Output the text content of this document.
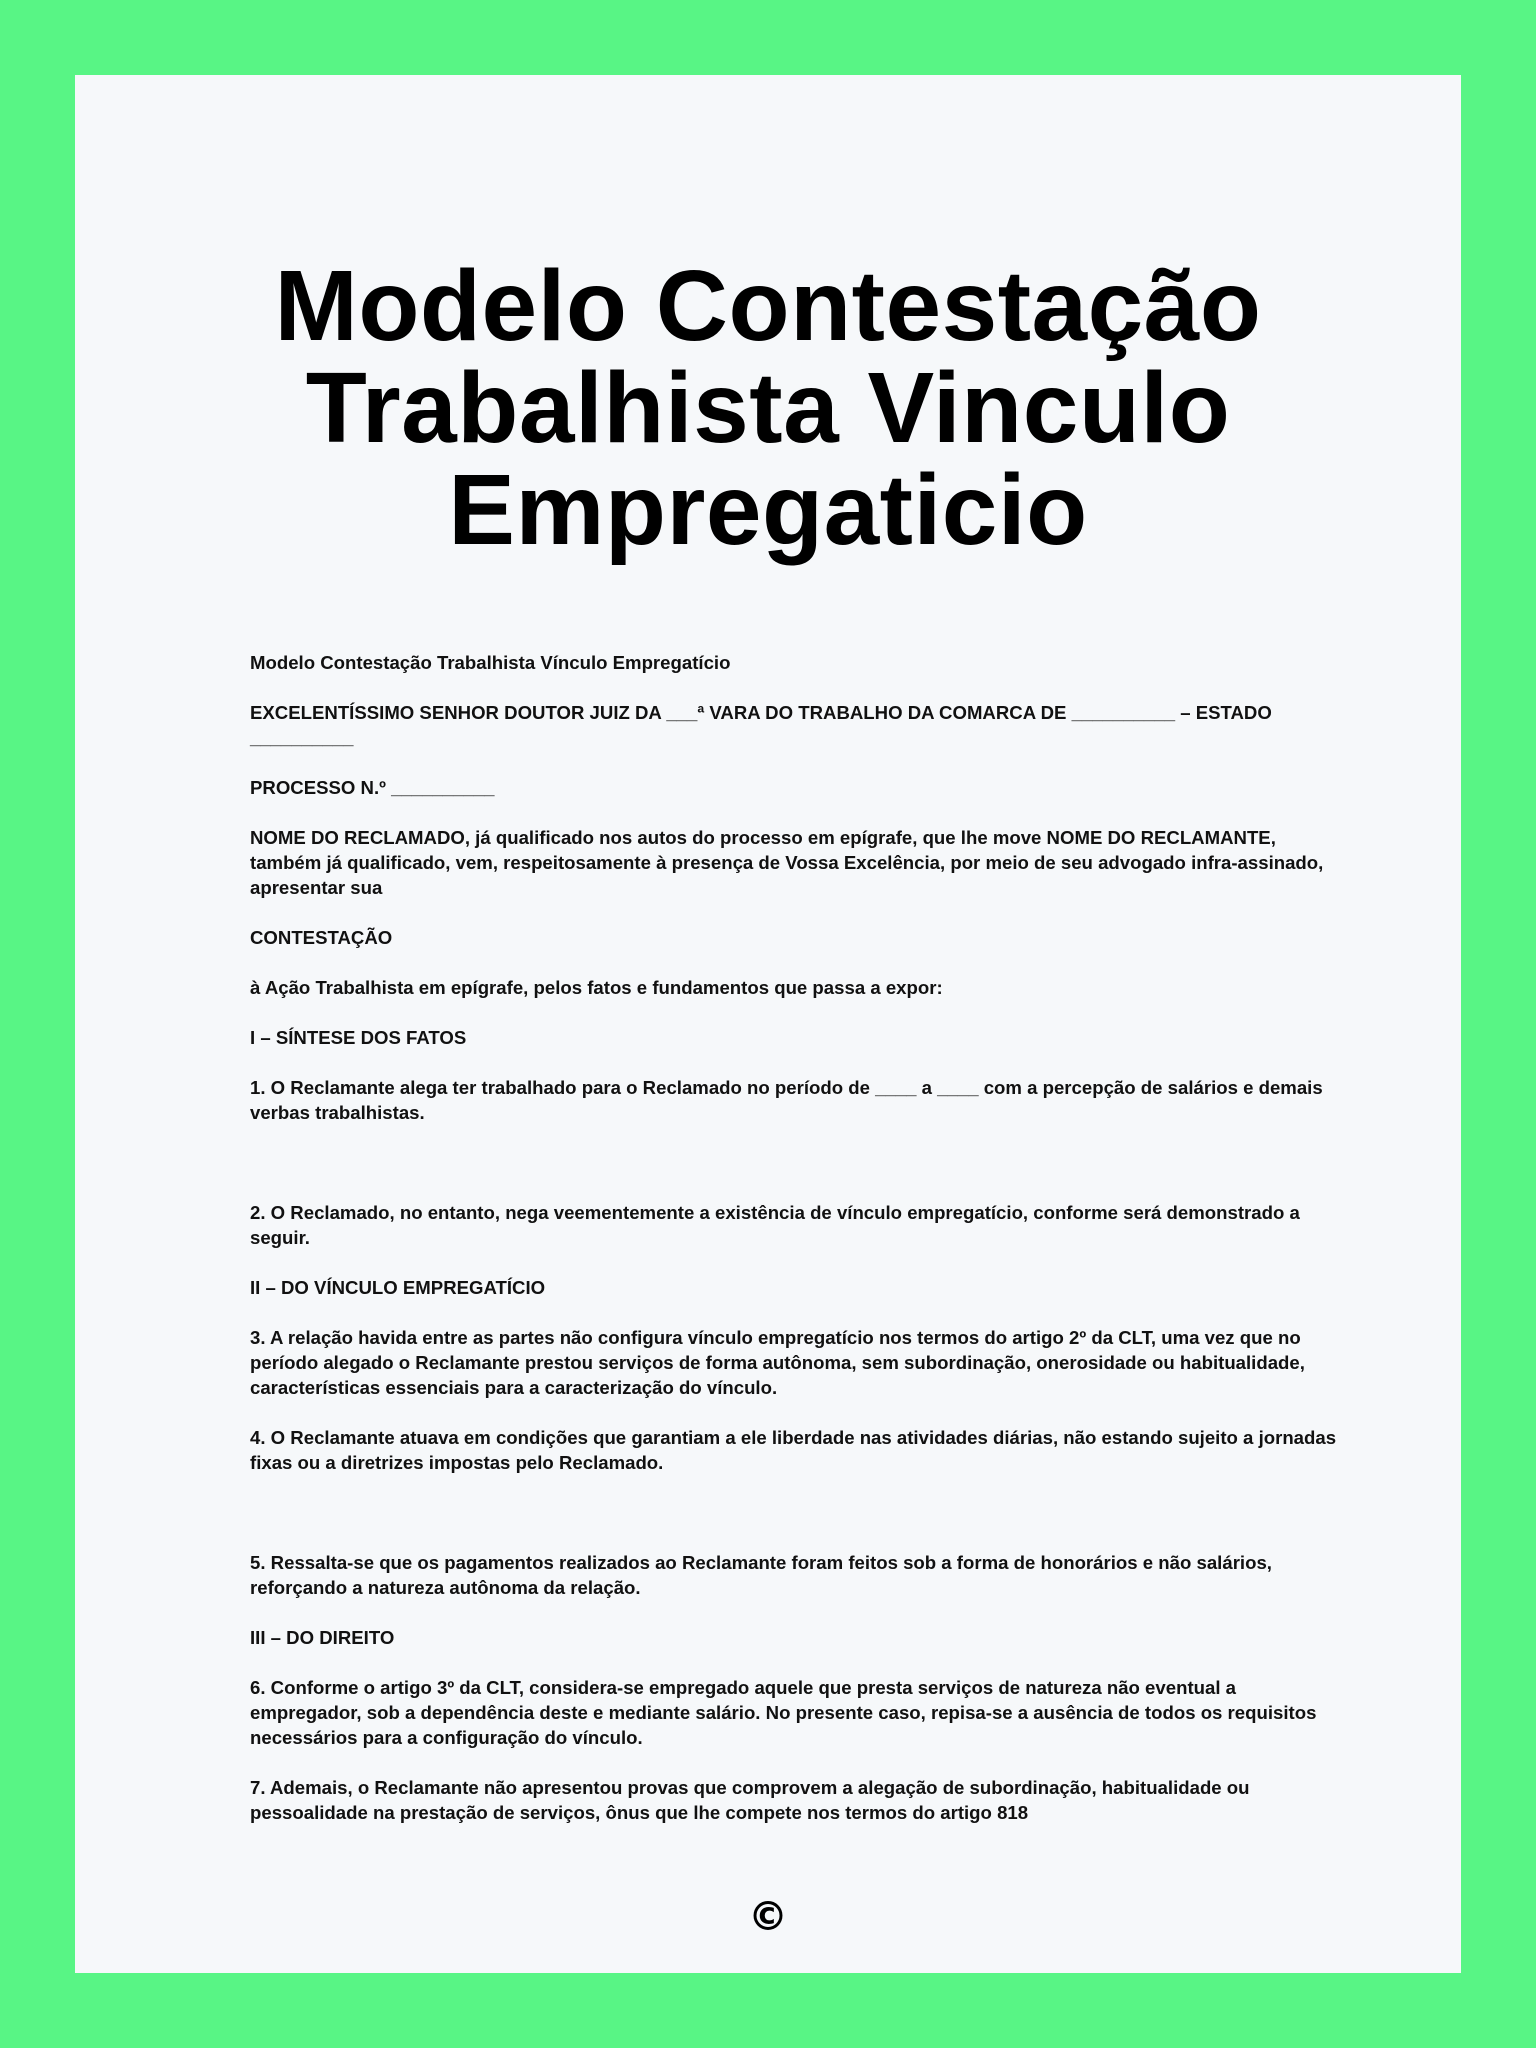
Modelo Contestação
Trabalhista Vinculo
Empregaticio

Modelo Contestação Trabalhista Vínculo Empregatício

EXCELENTÍSSIMO SENHOR DOUTOR JUIZ DA ___ª VARA DO TRABALHO DA COMARCA DE __________ – ESTADO __________

PROCESSO N.º __________

NOME DO RECLAMADO, já qualificado nos autos do processo em epígrafe, que lhe move NOME DO RECLAMANTE, também já qualificado, vem, respeitosamente à presença de Vossa Excelência, por meio de seu advogado infra-assinado, apresentar sua

CONTESTAÇÃO

à Ação Trabalhista em epígrafe, pelos fatos e fundamentos que passa a expor:

I – SÍNTESE DOS FATOS

1. O Reclamante alega ter trabalhado para o Reclamado no período de ____ a ____ com a percepção de salários e demais verbas trabalhistas.

2. O Reclamado, no entanto, nega veementemente a existência de vínculo empregatício, conforme será demonstrado a seguir.

II – DO VÍNCULO EMPREGATÍCIO

3. A relação havida entre as partes não configura vínculo empregatício nos termos do artigo 2º da CLT, uma vez que no período alegado o Reclamante prestou serviços de forma autônoma, sem subordinação, onerosidade ou habitualidade, características essenciais para a caracterização do vínculo.

4. O Reclamante atuava em condições que garantiam a ele liberdade nas atividades diárias, não estando sujeito a jornadas fixas ou a diretrizes impostas pelo Reclamado.

5. Ressalta-se que os pagamentos realizados ao Reclamante foram feitos sob a forma de honorários e não salários, reforçando a natureza autônoma da relação.

III – DO DIREITO

6. Conforme o artigo 3º da CLT, considera-se empregado aquele que presta serviços de natureza não eventual a empregador, sob a dependência deste e mediante salário. No presente caso, repisa-se a ausência de todos os requisitos necessários para a configuração do vínculo.

7. Ademais, o Reclamante não apresentou provas que comprovem a alegação de subordinação, habitualidade ou pessoalidade na prestação de serviços, ônus que lhe compete nos termos do artigo 818

©
